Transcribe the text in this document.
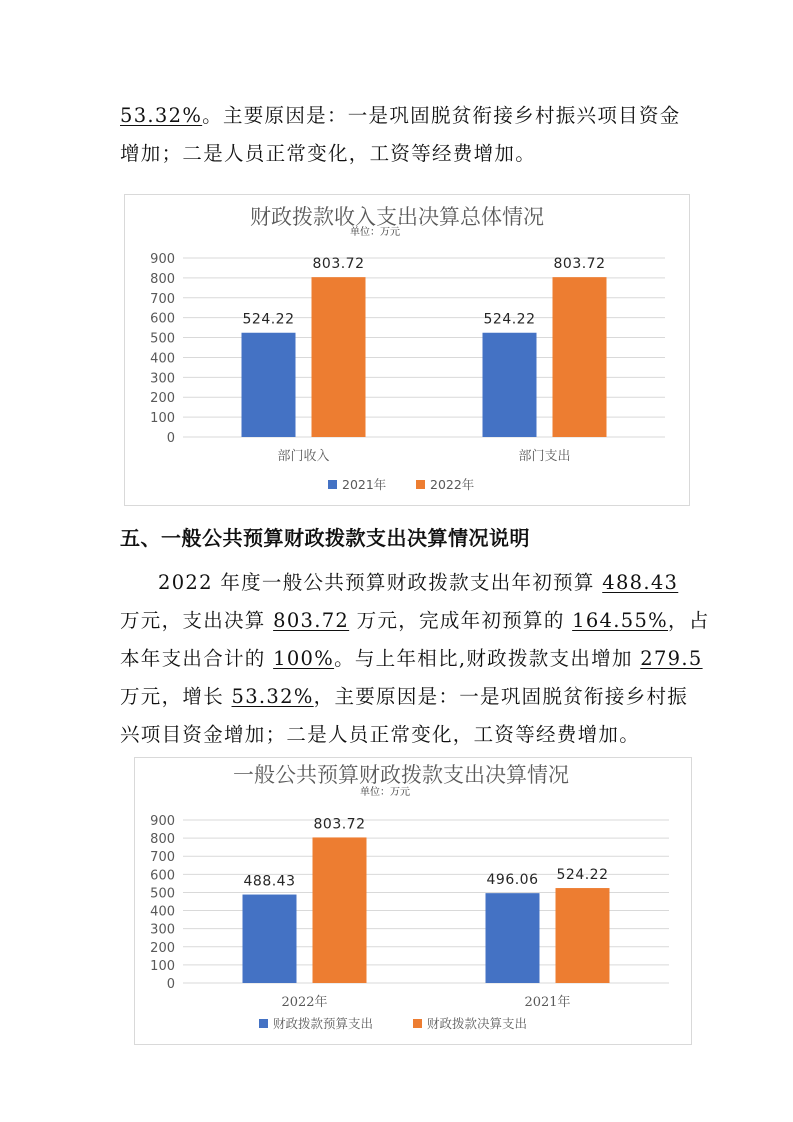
53.32%。主要原因是：一是巩固脱贫衔接乡村振兴项目资金
增加；二是人员正常变化，工资等经费增加。
财政拨款收入支出决算总体情况
单位：万元
0
100
200
300
400
500
600
700
800
900
524.22
803.72
部门收入
524.22
803.72
部门支出
2021年	2022年
五、一般公共预算财政拨款支出决算情况说明
2022 年度一般公共预算财政拨款支出年初预算 488.43
万元，支出决算 803.72 万元，完成年初预算的 164.55%，占
本年支出合计的 100%。与上年相比,财政拨款支出增加 279.5
万元，增长 53.32%，主要原因是：一是巩固脱贫衔接乡村振
兴项目资金增加；二是人员正常变化，工资等经费增加。
一般公共预算财政拨款支出决算情况
单位：万元
0
100
200
300
400
500
600
700
800
900
488.43
803.72
2022年
496.06 524.22
2021年
财政拨款预算支出	财政拨款决算支出
